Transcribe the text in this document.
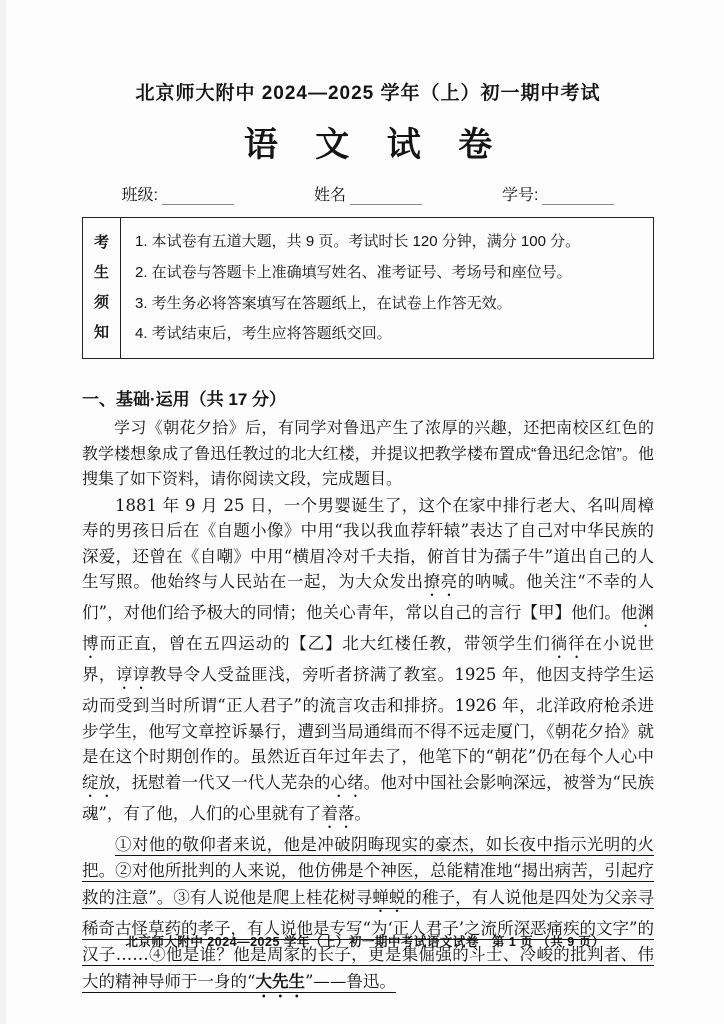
北京师大附中 2024—2025 学年（上）初一期中考试
语 文 试 卷
班级:	姓名	学号:
考生须知
1. 本试卷有五道大题，共 9 页。考试时长 120 分钟，满分 100 分。
2. 在试卷与答题卡上准确填写姓名、准考证号、考场号和座位号。
3. 考生务必将答案填写在答题纸上，在试卷上作答无效。
4. 考试结束后，考生应将答题纸交回。
一、基础·运用（共 17 分）

学习《朝花夕拾》后，有同学对鲁迅产生了浓厚的兴趣，还把南校区红色的教学楼想象成了鲁迅任教过的北大红楼，并提议把教学楼布置成“鲁迅纪念馆”。他搜集了如下资料，请你阅读文段，完成题目。

1881 年 9 月 25 日，一个男婴诞生了，这个在家中排行老大、名叫周樟寿的男孩日后在《自题小像》中用“我以我血荐轩辕”表达了自己对中华民族的深爱，还曾在《自嘲》中用“横眉冷对千夫指，俯首甘为孺子牛”道出自己的人生写照。他始终与人民站在一起，为大众发出撩亮的呐喊。他关注“不幸的人们”，对他们给予极大的同情；他关心青年，常以自己的言行【甲】他们。他渊博而正直，曾在五四运动的【乙】北大红楼任教，带领学生们徜徉在小说世界，谆谆教导令人受益匪浅，旁听者挤满了教室。1925 年，他因支持学生运动而受到当时所谓“正人君子”的流言攻击和排挤。1926 年，北洋政府枪杀进步学生，他写文章控诉暴行，遭到当局通缉而不得不远走厦门，《朝花夕拾》就是在这个时期创作的。虽然近百年过年去了，他笔下的“朝花”仍在每个人心中绽放，抚慰着一代又一代人芜杂的心绪。他对中国社会影响深远，被誉为“民族魂”，有了他，人们的心里就有了着落。

①对他的敬仰者来说，他是冲破阴晦现实的豪杰，如长夜中指示光明的火把。②对他所批判的人来说，他仿佛是个神医，总能精准地“揭出病苦，引起疗救的注意”。③有人说他是爬上桂花树寻蝉蜕的稚子，有人说他是四处为父亲寻稀奇古怪草药的孝子，有人说他是专写“为‘正人君子’之流所深恶痛疾的文字”的汉子……④他是谁？他是周家的长子，更是集倔强的斗士、冷峻的批判者、伟大的精神导师于一身的“大先生”——鲁迅。

北京师大附中 2024—2025 学年（上）初一期中考试语文试卷　第 1 页 （共 9 页）
